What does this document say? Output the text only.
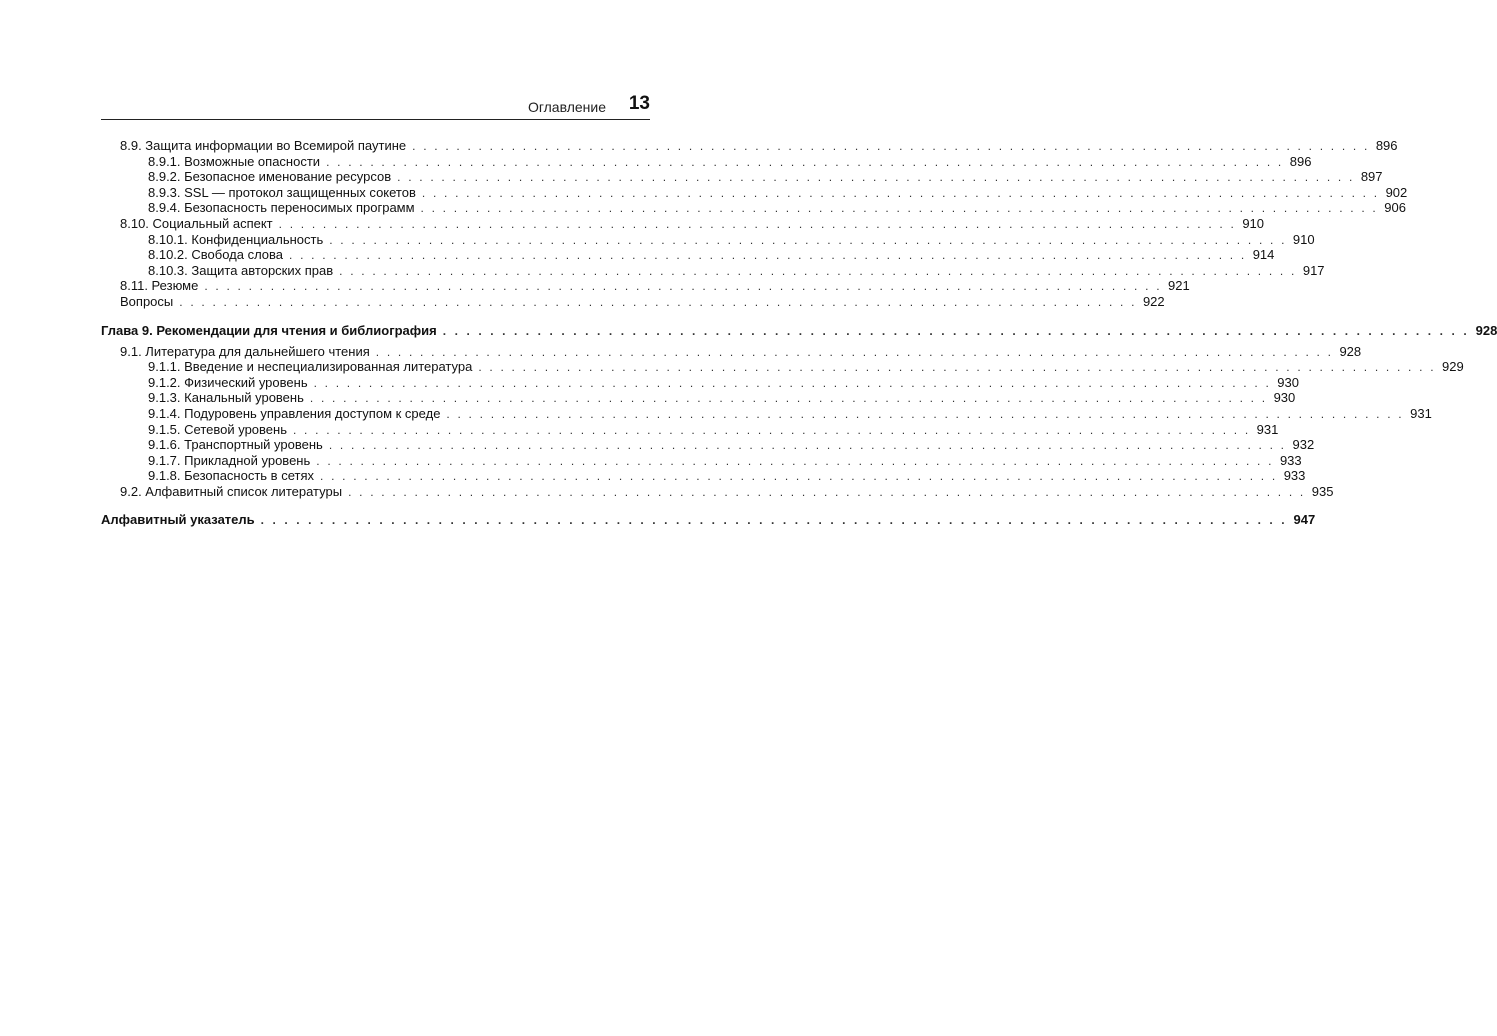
Оглавление 13
8.9. Защита информации во Всемирой паутине . . . . . . . . . . . . . . . . . . . . . . . . . . . . . . . . . . . . . . . . . . . . . . . . . . . . . . . . . . . . . . . . . . . . . . . . . . . . . . . . . . . . . . . 896
8.9.1. Возможные опасности . . . . . . . . . . . . . . . . . . . . . . . . . . . . . . . . . . . . . . . . . . . . . . . . . . . . . . . . . . . . . . . . . . . . . . . . . . . . . . . . . . . . . . . 896
8.9.2. Безопасное именование ресурсов . . . . . . . . . . . . . . . . . . . . . . . . . . . . . . . . . . . . . . . . . . . . . . . . . . . . . . . . . . . . . . . . . . . . . . . . . . . . . . . . . . . . . . . 897
8.9.3. SSL — протокол защищенных сокетов . . . . . . . . . . . . . . . . . . . . . . . . . . . . . . . . . . . . . . . . . . . . . . . . . . . . . . . . . . . . . . . . . . . . . . . . . . . . . . . . . . . . . . . 902
8.9.4. Безопасность переносимых программ . . . . . . . . . . . . . . . . . . . . . . . . . . . . . . . . . . . . . . . . . . . . . . . . . . . . . . . . . . . . . . . . . . . . . . . . . . . . . . . . . . . . . . . 906
8.10. Социальный аспект . . . . . . . . . . . . . . . . . . . . . . . . . . . . . . . . . . . . . . . . . . . . . . . . . . . . . . . . . . . . . . . . . . . . . . . . . . . . . . . . . . . . . . . 910
8.10.1. Конфиденциальность . . . . . . . . . . . . . . . . . . . . . . . . . . . . . . . . . . . . . . . . . . . . . . . . . . . . . . . . . . . . . . . . . . . . . . . . . . . . . . . . . . . . . . . 910
8.10.2. Свобода слова . . . . . . . . . . . . . . . . . . . . . . . . . . . . . . . . . . . . . . . . . . . . . . . . . . . . . . . . . . . . . . . . . . . . . . . . . . . . . . . . . . . . . . . 914
8.10.3. Защита авторских прав . . . . . . . . . . . . . . . . . . . . . . . . . . . . . . . . . . . . . . . . . . . . . . . . . . . . . . . . . . . . . . . . . . . . . . . . . . . . . . . . . . . . . . . 917
8.11. Резюме . . . . . . . . . . . . . . . . . . . . . . . . . . . . . . . . . . . . . . . . . . . . . . . . . . . . . . . . . . . . . . . . . . . . . . . . . . . . . . . . . . . . . . . 921
Вопросы . . . . . . . . . . . . . . . . . . . . . . . . . . . . . . . . . . . . . . . . . . . . . . . . . . . . . . . . . . . . . . . . . . . . . . . . . . . . . . . . . . . . . . . 922
Глава 9. Рекомендации для чтения и библиография . . . . . . . . . . . . . . . . . . . . . . . . . . . . . . . . . . . . . . . . . . . . . . . . . . . . . . . . . . . . . . . . . . . . . . . . . . . . . . . . . . . . . . . 928
9.1. Литература для дальнейшего чтения . . . . . . . . . . . . . . . . . . . . . . . . . . . . . . . . . . . . . . . . . . . . . . . . . . . . . . . . . . . . . . . . . . . . . . . . . . . . . . . . . . . . . . . 928
9.1.1. Введение и неспециализированная литература . . . . . . . . . . . . . . . . . . . . . . . . . . . . . . . . . . . . . . . . . . . . . . . . . . . . . . . . . . . . . . . . . . . . . . . . . . . . . . . . . . . . . . . 929
9.1.2. Физический уровень . . . . . . . . . . . . . . . . . . . . . . . . . . . . . . . . . . . . . . . . . . . . . . . . . . . . . . . . . . . . . . . . . . . . . . . . . . . . . . . . . . . . . . . 930
9.1.3. Канальный уровень . . . . . . . . . . . . . . . . . . . . . . . . . . . . . . . . . . . . . . . . . . . . . . . . . . . . . . . . . . . . . . . . . . . . . . . . . . . . . . . . . . . . . . . 930
9.1.4. Подуровень управления доступом к среде . . . . . . . . . . . . . . . . . . . . . . . . . . . . . . . . . . . . . . . . . . . . . . . . . . . . . . . . . . . . . . . . . . . . . . . . . . . . . . . . . . . . . . . 931
9.1.5. Сетевой уровень . . . . . . . . . . . . . . . . . . . . . . . . . . . . . . . . . . . . . . . . . . . . . . . . . . . . . . . . . . . . . . . . . . . . . . . . . . . . . . . . . . . . . . . 931
9.1.6. Транспортный уровень . . . . . . . . . . . . . . . . . . . . . . . . . . . . . . . . . . . . . . . . . . . . . . . . . . . . . . . . . . . . . . . . . . . . . . . . . . . . . . . . . . . . . . . 932
9.1.7. Прикладной уровень . . . . . . . . . . . . . . . . . . . . . . . . . . . . . . . . . . . . . . . . . . . . . . . . . . . . . . . . . . . . . . . . . . . . . . . . . . . . . . . . . . . . . . . 933
9.1.8. Безопасность в сетях . . . . . . . . . . . . . . . . . . . . . . . . . . . . . . . . . . . . . . . . . . . . . . . . . . . . . . . . . . . . . . . . . . . . . . . . . . . . . . . . . . . . . . . 933
9.2. Алфавитный список литературы . . . . . . . . . . . . . . . . . . . . . . . . . . . . . . . . . . . . . . . . . . . . . . . . . . . . . . . . . . . . . . . . . . . . . . . . . . . . . . . . . . . . . . . 935
Алфавитный указатель . . . . . . . . . . . . . . . . . . . . . . . . . . . . . . . . . . . . . . . . . . . . . . . . . . . . . . . . . . . . . . . . . . . . . . . . . . . . . . . . . . . . . . . 947
